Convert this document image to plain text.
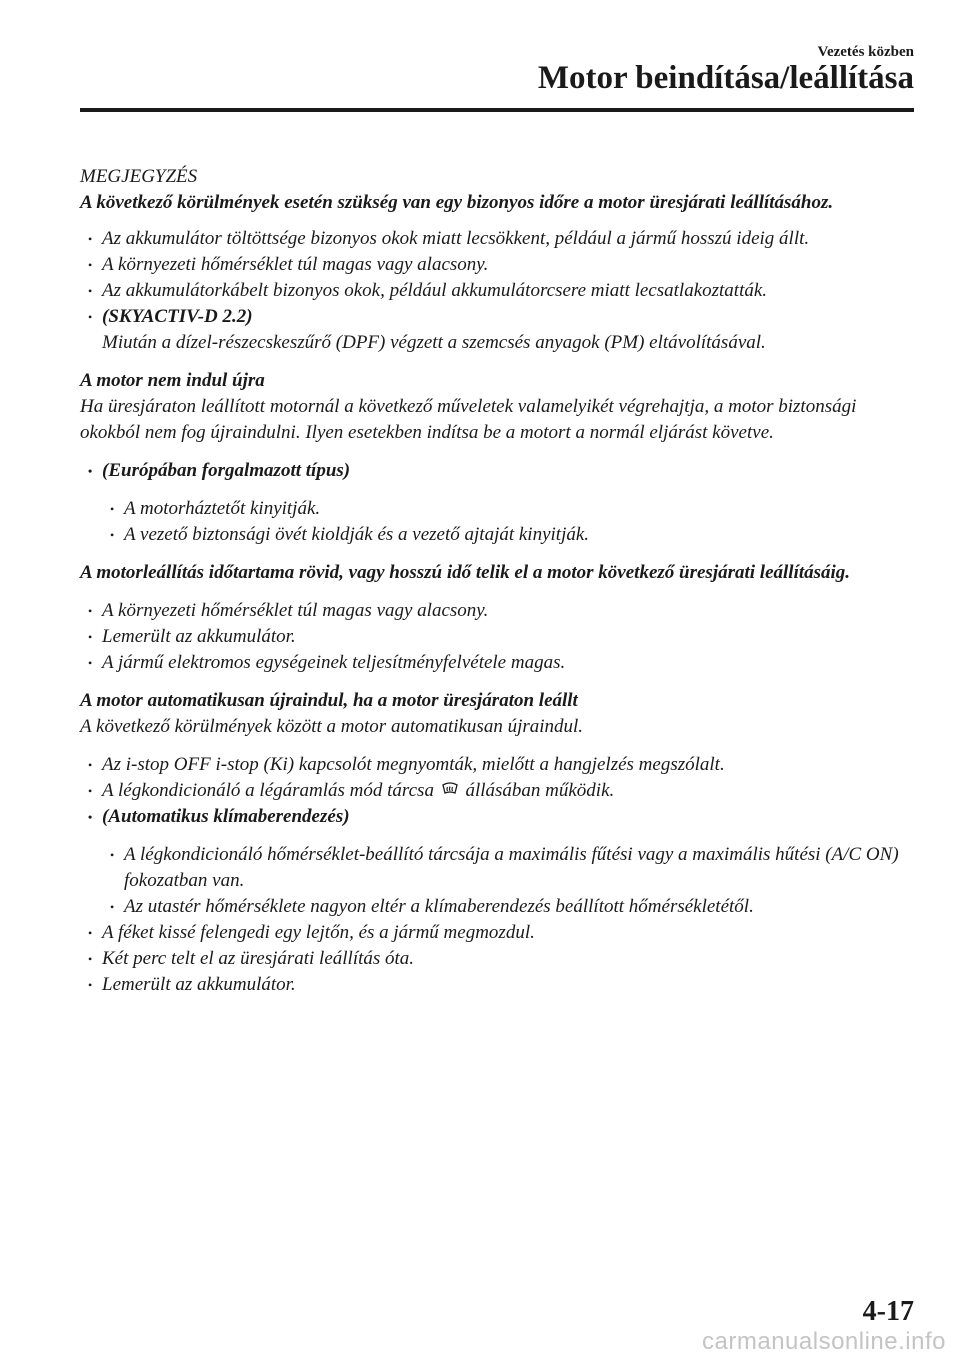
Vezetés közben
Motor beindítása/leállítása

MEGJEGYZÉS

A következő körülmények esetén szükség van egy bizonyos időre a motor üresjárati leállításához.

• Az akkumulátor töltöttsége bizonyos okok miatt lecsökkent, például a jármű hosszú ideig állt.
• A környezeti hőmérséklet túl magas vagy alacsony.
• Az akkumulátorkábelt bizonyos okok, például akkumulátorcsere miatt lecsatlakoztatták.
• (SKYACTIV-D 2.2)
Miután a dízel-részecskeszűrő (DPF) végzett a szemcsés anyagok (PM) eltávolításával.

A motor nem indul újra

Ha üresjáraton leállított motornál a következő műveletek valamelyikét végrehajtja, a motor biztonsági okokból nem fog újraindulni. Ilyen esetekben indítsa be a motort a normál eljárást követve.

• (Európában forgalmazott típus)
• A motorháztetőt kinyitják.
• A vezető biztonsági övét kioldják és a vezető ajtaját kinyitják.

A motorleállítás időtartama rövid, vagy hosszú idő telik el a motor következő üresjárati leállításáig.

• A környezeti hőmérséklet túl magas vagy alacsony.
• Lemerült az akkumulátor.
• A jármű elektromos egységeinek teljesítményfelvétele magas.

A motor automatikusan újraindul, ha a motor üresjáraton leállt

A következő körülmények között a motor automatikusan újraindul.

• Az i-stop OFF i-stop (Ki) kapcsolót megnyomták, mielőtt a hangjelzés megszólalt.
• A légkondicionáló a légáramlás mód tárcsa állásában működik.
• (Automatikus klímaberendezés)
• A légkondicionáló hőmérséklet-beállító tárcsája a maximális fűtési vagy a maximális hűtési (A/C ON) fokozatban van.
• Az utastér hőmérséklete nagyon eltér a klímaberendezés beállított hőmérsékletétől.
• A féket kissé felengedi egy lejtőn, és a jármű megmozdul.
• Két perc telt el az üresjárati leállítás óta.
• Lemerült az akkumulátor.
4-17
carmanualsonline.info
